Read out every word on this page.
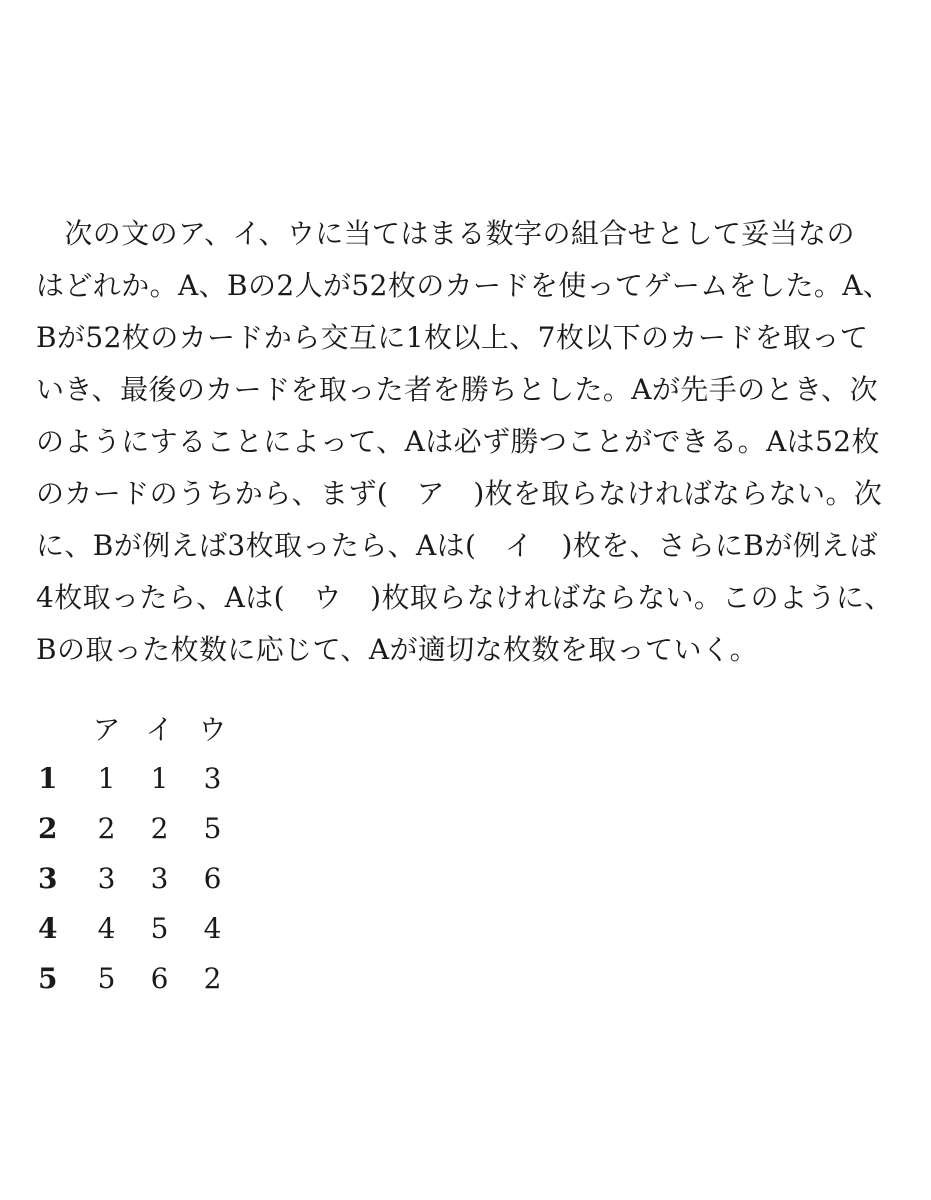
　次の文のア、イ、ウに当てはまる数字の組合せとして妥当なの
はどれか。A、Bの2人が52枚のカードを使ってゲームをした。A、
Bが52枚のカードから交互に1枚以上、7枚以下のカードを取って
いき、最後のカードを取った者を勝ちとした。Aが先手のとき、次
のようにすることによって、Aは必ず勝つことができる。Aは52枚
のカードのうちから、まず(　ア　)枚を取らなければならない。次
に、Bが例えば3枚取ったら、Aは(　イ　)枚を、さらにBが例えば
4枚取ったら、Aは(　ウ　)枚取らなければならない。このように、
Bの取った枚数に応じて、Aが適切な枚数を取っていく。
	ア	イ	ウ
1	1	1	3
2	2	2	5
3	3	3	6
4	4	5	4
5	5	6	2
